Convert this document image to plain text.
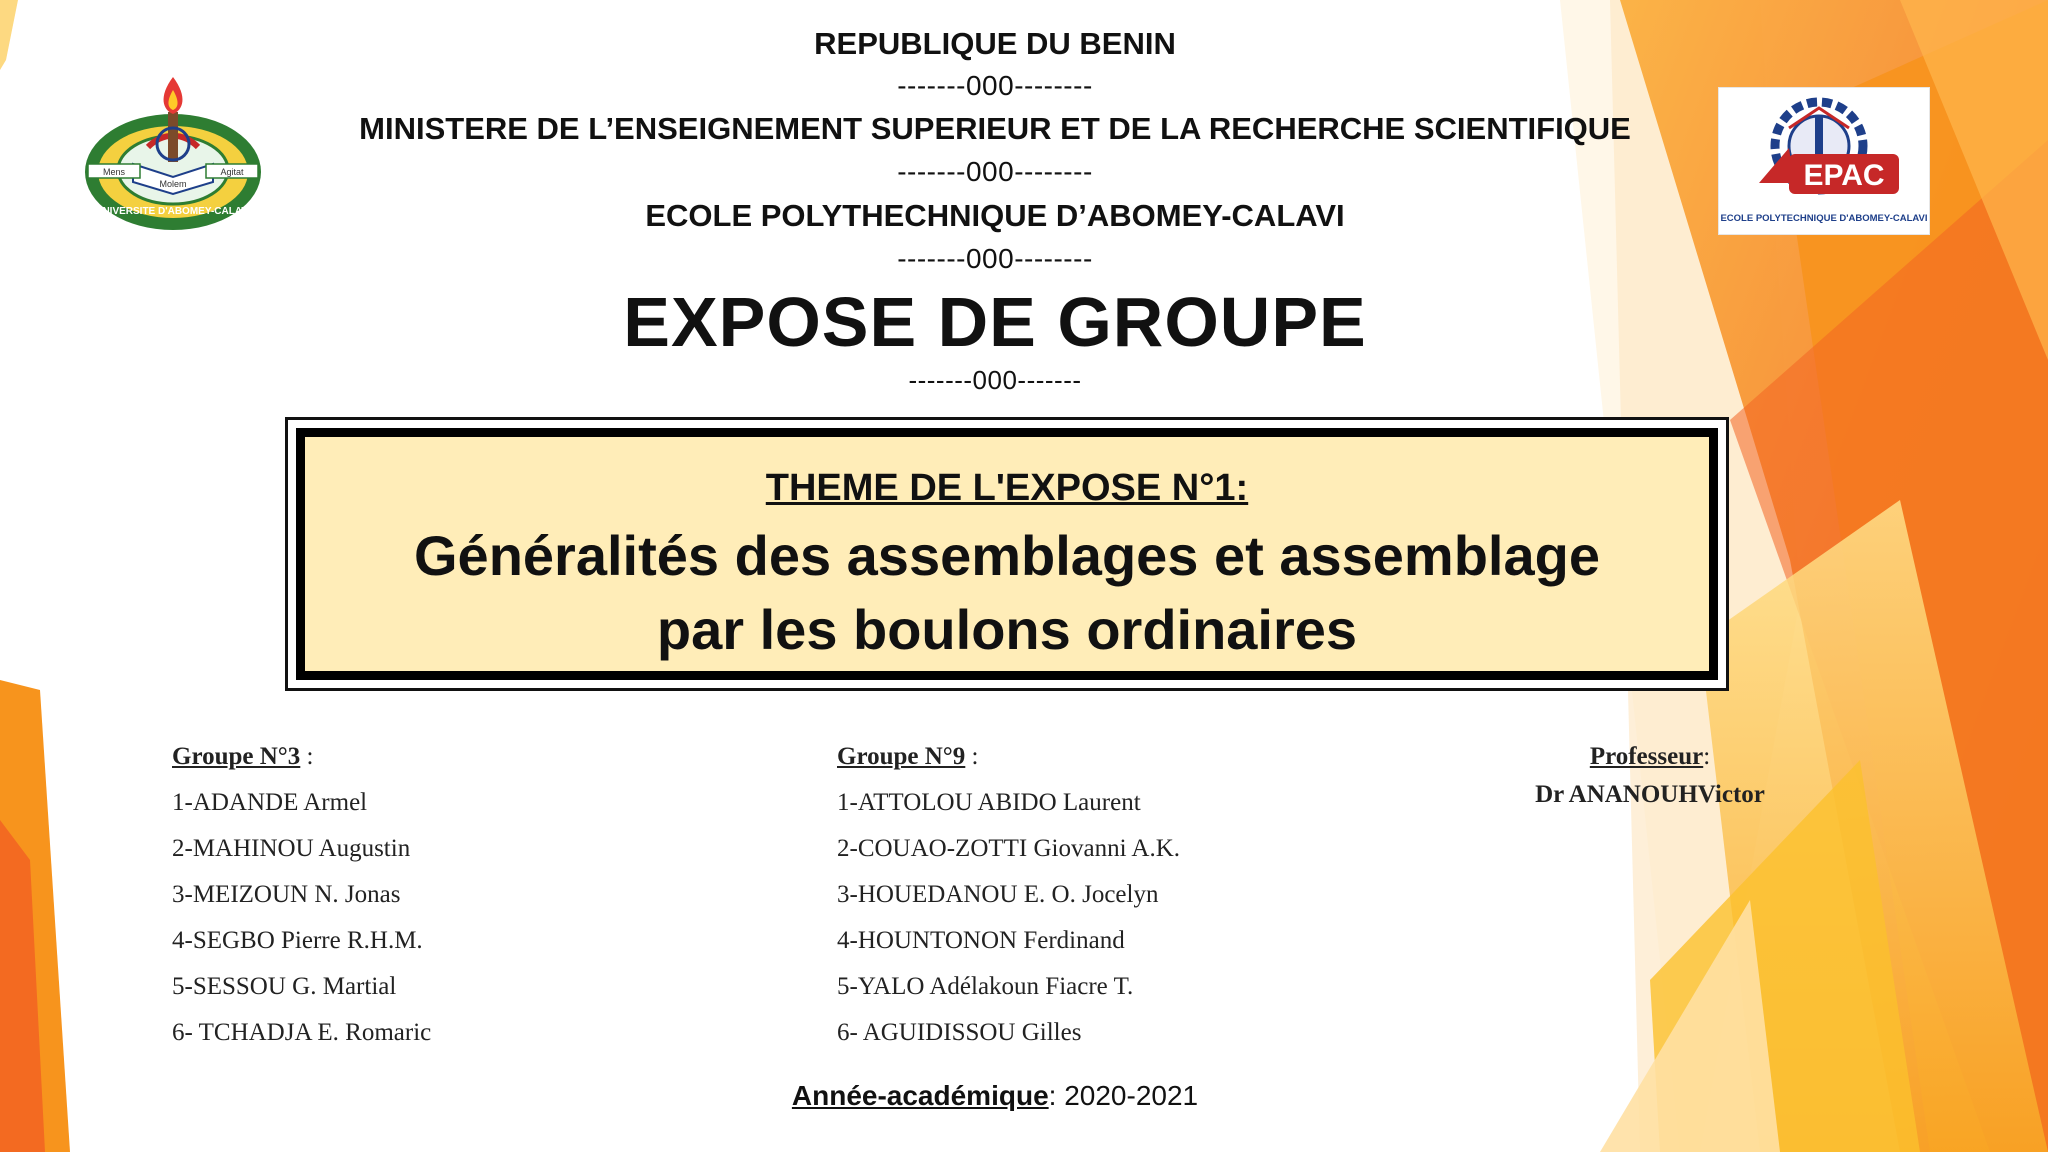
Mens	Agitat
Molem
UNIVERSITE D'ABOMEY-CALAVI
EPAC
ECOLE POLYTECHNIQUE D'ABOMEY-CALAVI
REPUBLIQUE DU BENIN
-------000--------
MINISTERE DE L’ENSEIGNEMENT SUPERIEUR ET DE LA RECHERCHE SCIENTIFIQUE
-------000--------
ECOLE POLYTHECHNIQUE D’ABOMEY-CALAVI
-------000--------
EXPOSE DE GROUPE
-------000-------
THEME DE L'EXPOSE N°1:
Généralités des assemblages et assemblage
par les boulons ordinaires
Groupe N°3 :
1-ADANDE Armel
2-MAHINOU Augustin
3-MEIZOUN N. Jonas
4-SEGBO Pierre R.H.M.
5-SESSOU G. Martial
6- TCHADJA E. Romaric
Groupe N°9 :
1-ATTOLOU ABIDO Laurent
2-COUAO-ZOTTI Giovanni A.K.
3-HOUEDANOU E. O. Jocelyn
4-HOUNTONON Ferdinand
5-YALO Adélakoun Fiacre T.
6- AGUIDISSOU Gilles
Professeur:
Dr ANANOUHVictor
Année-académique: 2020-2021
